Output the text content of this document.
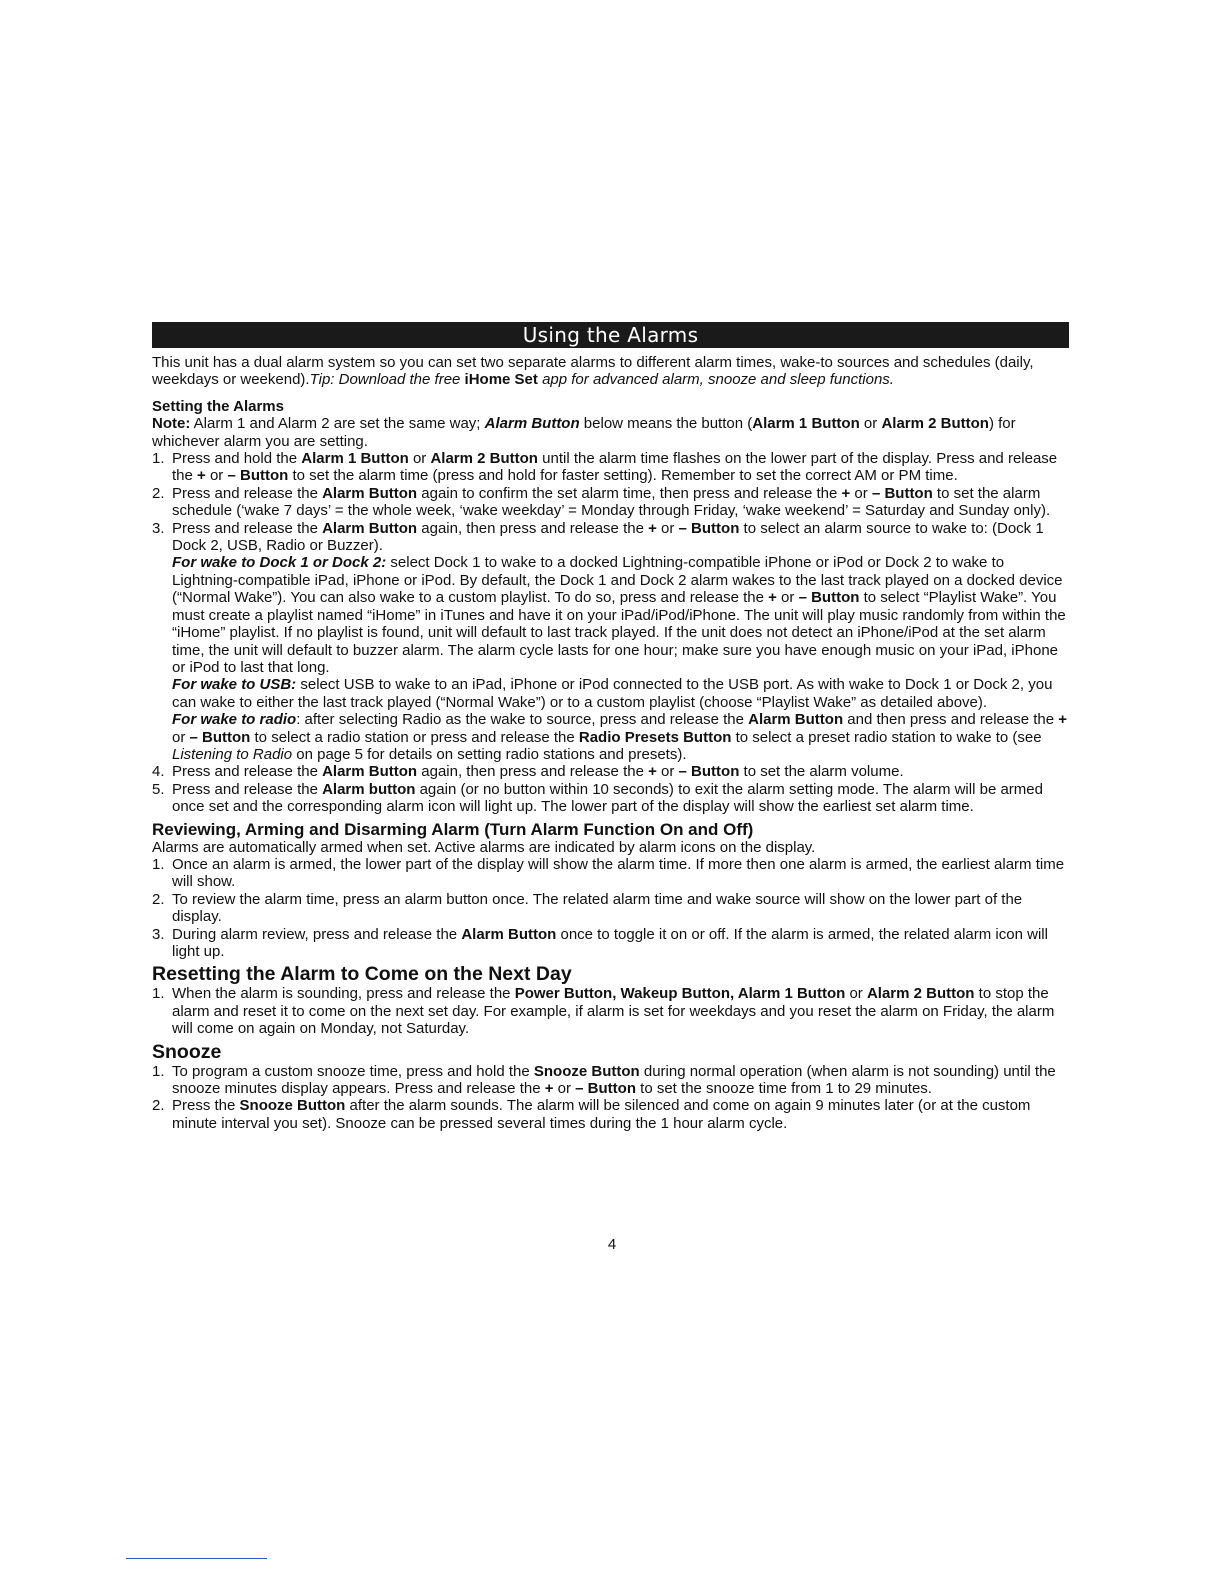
Using the Alarms

This unit has a dual alarm system so you can set two separate alarms to different alarm times, wake-to sources and schedules (daily, weekdays or weekend).Tip: Download the free iHome Set app for advanced alarm, snooze and sleep functions.

Setting the Alarms

Note: Alarm 1 and Alarm 2 are set the same way; Alarm Button below means the button (Alarm 1 Button or Alarm 2 Button) for whichever alarm you are setting.

1. Press and hold the Alarm 1 Button or Alarm 2 Button until the alarm time flashes on the lower part of the display. Press and release the + or – Button to set the alarm time (press and hold for faster setting). Remember to set the correct AM or PM time.
2. Press and release the Alarm Button again to confirm the set alarm time, then press and release the + or – Button to set the alarm schedule (‘wake 7 days’ = the whole week, ‘wake weekday’ = Monday through Friday, ‘wake weekend’ = Saturday and Sunday only).
3. Press and release the Alarm Button again, then press and release the + or – Button to select an alarm source to wake to: (Dock 1 Dock 2, USB, Radio or Buzzer).
For wake to Dock 1 or Dock 2: select Dock 1 to wake to a docked Lightning-compatible iPhone or iPod or Dock 2 to wake to Lightning-compatible iPad, iPhone or iPod. By default, the Dock 1 and Dock 2 alarm wakes to the last track played on a docked device (“Normal Wake”). You can also wake to a custom playlist. To do so, press and release the + or – Button to select “Playlist Wake”. You must create a playlist named “iHome” in iTunes and have it on your iPad/iPod/iPhone. The unit will play music randomly from within the “iHome” playlist. If no playlist is found, unit will default to last track played. If the unit does not detect an iPhone/iPod at the set alarm time, the unit will default to buzzer alarm. The alarm cycle lasts for one hour; make sure you have enough music on your iPad, iPhone or iPod to last that long.
For wake to USB: select USB to wake to an iPad, iPhone or iPod connected to the USB port. As with wake to Dock 1 or Dock 2, you can wake to either the last track played (“Normal Wake”) or to a custom playlist (choose “Playlist Wake” as detailed above).
For wake to radio: after selecting Radio as the wake to source, press and release the Alarm Button and then press and release the + or – Button to select a radio station or press and release the Radio Presets Button to select a preset radio station to wake to (see Listening to Radio on page 5 for details on setting radio stations and presets).
4. Press and release the Alarm Button again, then press and release the + or – Button to set the alarm volume.
5. Press and release the Alarm button again (or no button within 10 seconds) to exit the alarm setting mode. The alarm will be armed once set and the corresponding alarm icon will light up. The lower part of the display will show the earliest set alarm time.

Reviewing, Arming and Disarming Alarm (Turn Alarm Function On and Off)

Alarms are automatically armed when set. Active alarms are indicated by alarm icons on the display.

1. Once an alarm is armed, the lower part of the display will show the alarm time. If more then one alarm is armed, the earliest alarm time will show.
2. To review the alarm time, press an alarm button once. The related alarm time and wake source will show on the lower part of the display.
3. During alarm review, press and release the Alarm Button once to toggle it on or off. If the alarm is armed, the related alarm icon will light up.

Resetting the Alarm to Come on the Next Day

1. When the alarm is sounding, press and release the Power Button, Wakeup Button, Alarm 1 Button or Alarm 2 Button to stop the alarm and reset it to come on the next set day. For example, if alarm is set for weekdays and you reset the alarm on Friday, the alarm will come on again on Monday, not Saturday.

Snooze

1. To program a custom snooze time, press and hold the Snooze Button during normal operation (when alarm is not sounding) until the snooze minutes display appears. Press and release the + or – Button to set the snooze time from 1 to 29 minutes.
2. Press the Snooze Button after the alarm sounds. The alarm will be silenced and come on again 9 minutes later (or at the custom minute interval you set). Snooze can be pressed several times during the 1 hour alarm cycle.
4
